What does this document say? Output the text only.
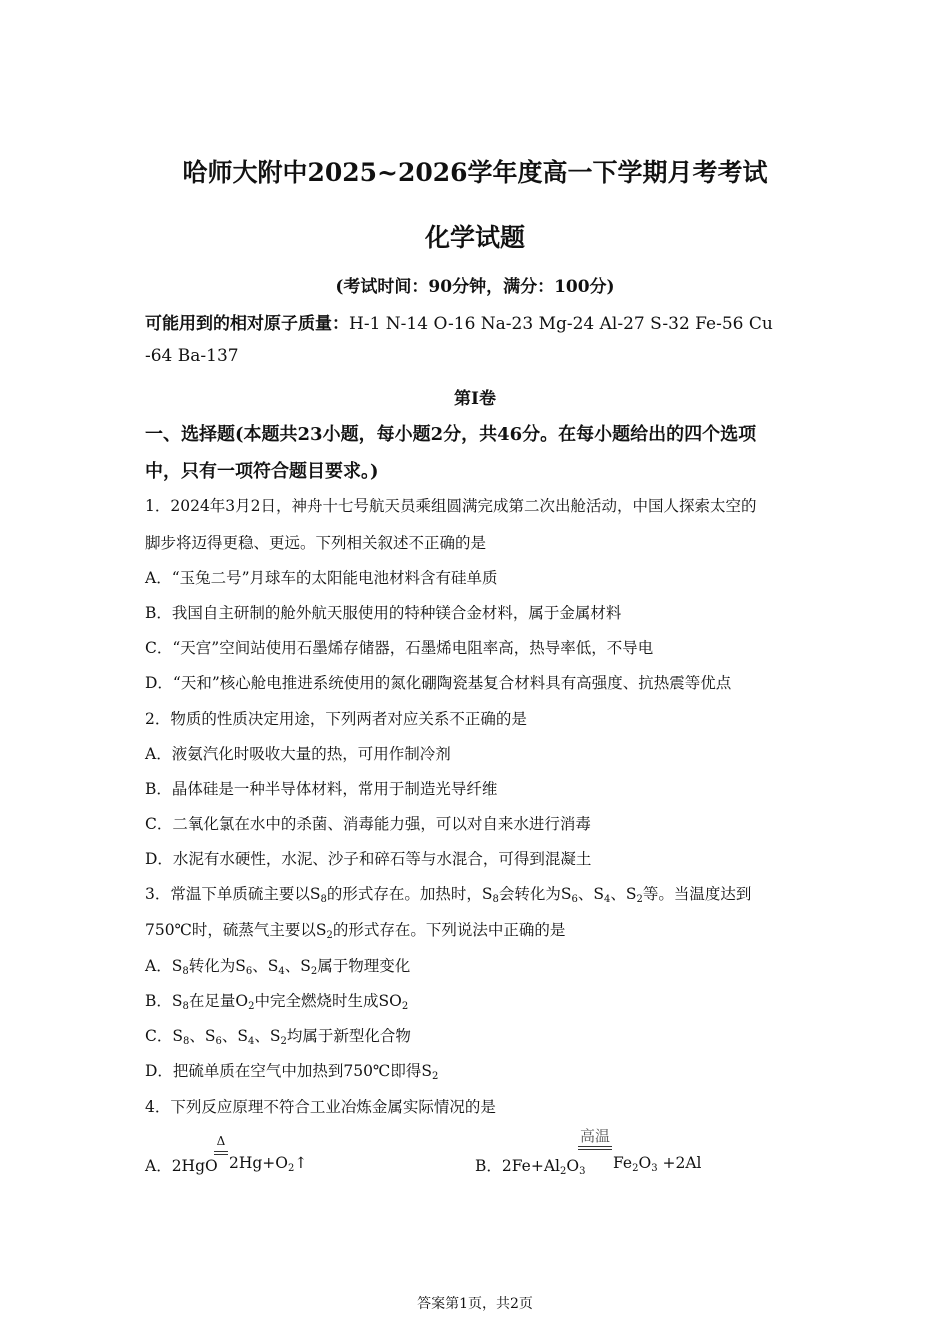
哈师大附中2025~2026学年度高一下学期月考考试
化学试题
(考试时间：90分钟，满分：100分)
可能用到的相对原子质量：H-1 N-14 O-16 Na-23 Mg-24 Al-27 S-32 Fe-56 Cu
-64 Ba-137
第I卷
一、选择题(本题共23小题，每小题2分，共46分。在每小题给出的四个选项
中，只有一项符合题目要求。)
1．2024年3月2日，神舟十七号航天员乘组圆满完成第二次出舱活动，中国人探索太空的
脚步将迈得更稳、更远。下列相关叙述不正确的是
A．“玉兔二号”月球车的太阳能电池材料含有硅单质
B．我国自主研制的舱外航天服使用的特种镁合金材料，属于金属材料
C．“天宫”空间站使用石墨烯存储器，石墨烯电阻率高，热导率低，不导电
D．“天和”核心舱电推进系统使用的氮化硼陶瓷基复合材料具有高强度、抗热震等优点
2．物质的性质决定用途，下列两者对应关系不正确的是
A．液氨汽化时吸收大量的热，可用作制冷剂
B．晶体硅是一种半导体材料，常用于制造光导纤维
C．二氧化氯在水中的杀菌、消毒能力强，可以对自来水进行消毒
D．水泥有水硬性，水泥、沙子和碎石等与水混合，可得到混凝土
3．常温下单质硫主要以$S_8$的形式存在。加热时，$S_8$会转化为$S_6$、$S_4$、$S_2$等。当温度达到
750℃时，硫蒸气主要以$S_2$的形式存在。下列说法中正确的是
A．$S_8$转化为$S_6$、$S_4$、$S_2$属于物理变化
B．$S_8$在足量$O_2$中完全燃烧时生成$SO_2$
C．$S_8$、$S_6$、$S_4$、$S_2$均属于新型化合物
D．把硫单质在空气中加热到750℃即得$S_2$
4．下列反应原理不符合工业冶炼金属实际情况的是
A．2HgO
Δ
$2Hg+O_2↑$	B．$2Fe+Al_2O_3$
高温
$Fe_2O_3 +2Al$
答案第1页，共2页
